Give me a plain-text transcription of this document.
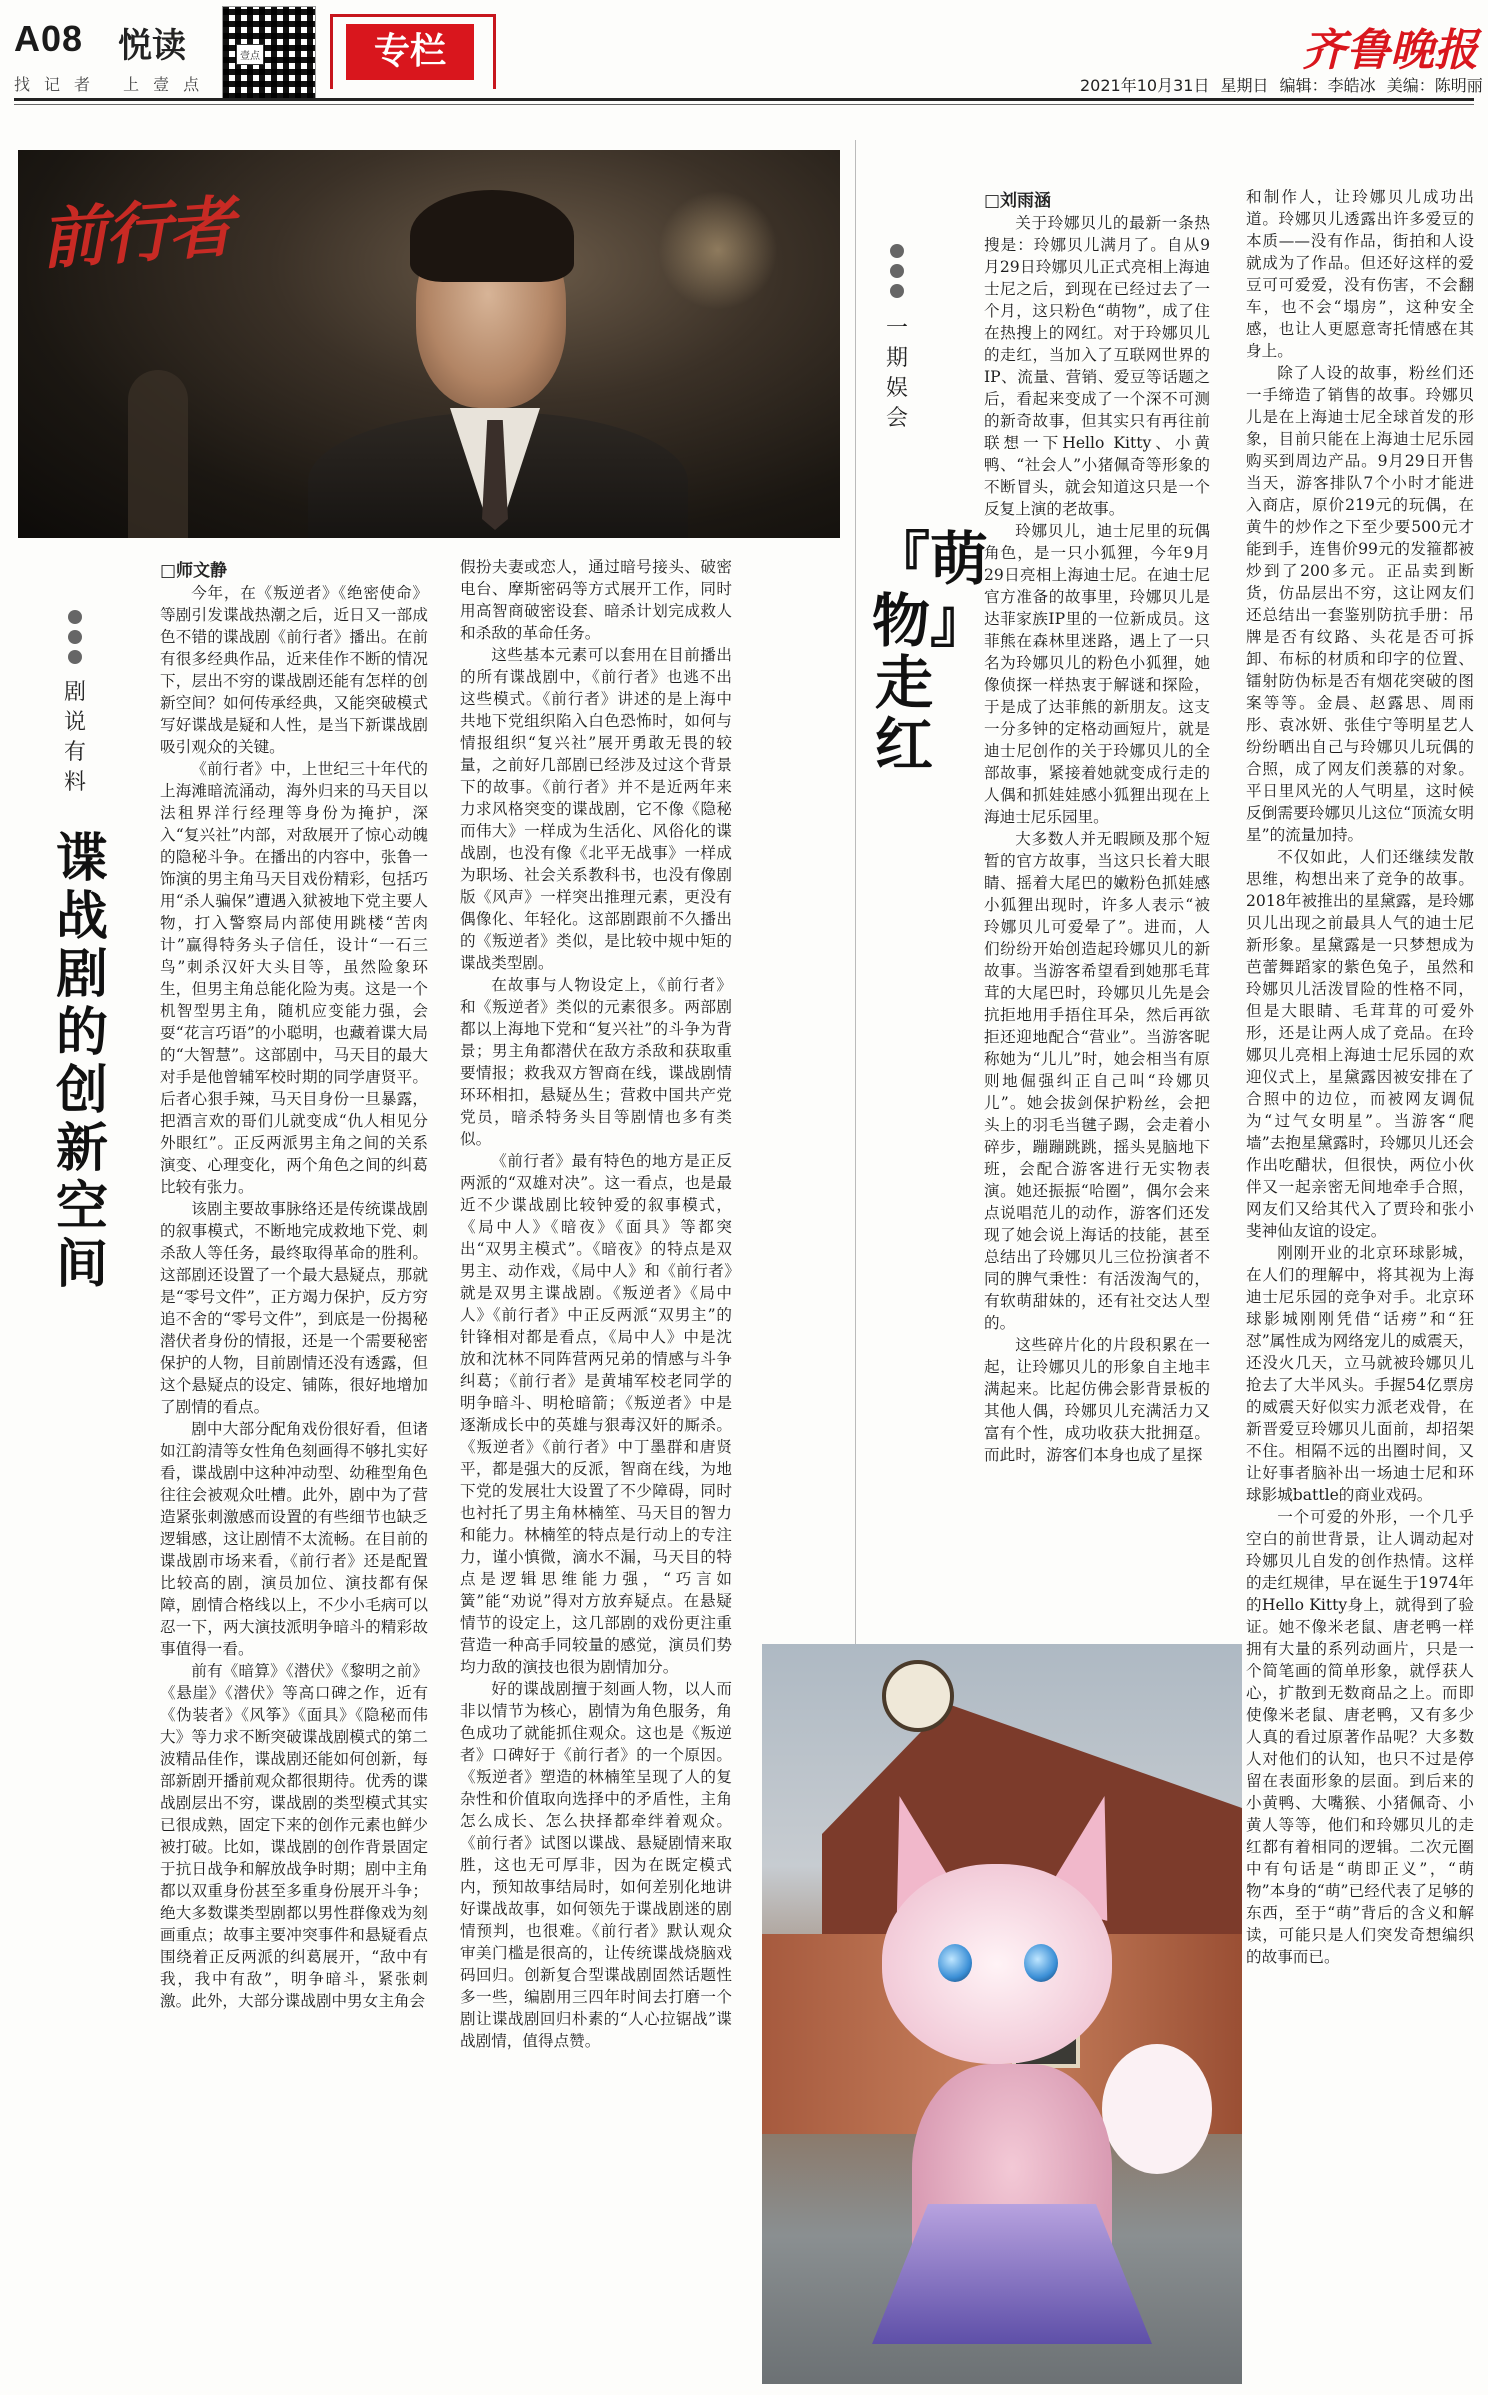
A08 悦读
找记者 上壹点
壹点	专栏	齐鲁晚报
2021年10月31日 星期日 编辑：李皓冰 美编：陈明丽
前行者
剧说有料
谍战剧的创新空间
□师文静

今年，在《叛逆者》《绝密使命》等剧引发谍战热潮之后，近日又一部成色不错的谍战剧《前行者》播出。在前有很多经典作品，近来佳作不断的情况下，层出不穷的谍战剧还能有怎样的创新空间？如何传承经典，又能突破模式写好谍战是疑和人性，是当下新谍战剧吸引观众的关键。

《前行者》中，上世纪三十年代的上海滩暗流涌动，海外归来的马天目以法租界洋行经理等身份为掩护，深入“复兴社”内部，对敌展开了惊心动魄的隐秘斗争。在播出的内容中，张鲁一饰演的男主角马天目戏份精彩，包括巧用“杀人骗保”遭遇入狱被地下党主要人物，打入警察局内部使用跳楼“苦肉计”赢得特务头子信任，设计“一石三鸟”刺杀汉奸大头目等，虽然险象环生，但男主角总能化险为夷。这是一个机智型男主角，随机应变能力强，会耍“花言巧语”的小聪明，也藏着谍大局的“大智慧”。这部剧中，马天目的最大对手是他曾辅军校时期的同学唐贤平。后者心狠手辣，马天目身份一旦暴露，把酒言欢的哥们儿就变成“仇人相见分外眼红”。正反两派男主角之间的关系演变、心理变化，两个角色之间的纠葛比较有张力。

该剧主要故事脉络还是传统谍战剧的叙事模式，不断地完成救地下党、刺杀敌人等任务，最终取得革命的胜利。这部剧还设置了一个最大悬疑点，那就是“零号文件”，正方竭力保护，反方穷追不舍的“零号文件”，到底是一份揭秘潜伏者身份的情报，还是一个需要秘密保护的人物，目前剧情还没有透露，但这个悬疑点的设定、铺陈，很好地增加了剧情的看点。

剧中大部分配角戏份很好看，但诸如江韵清等女性角色刻画得不够扎实好看，谍战剧中这种冲动型、幼稚型角色往往会被观众吐槽。此外，剧中为了营造紧张刺激感而设置的有些细节也缺乏逻辑感，这让剧情不太流畅。在目前的谍战剧市场来看，《前行者》还是配置比较高的剧，演员加位、演技都有保障，剧情合格线以上，不少小毛病可以忍一下，两大演技派明争暗斗的精彩故事值得一看。

前有《暗算》《潜伏》《黎明之前》《悬崖》《潜伏》等高口碑之作，近有《伪装者》《风筝》《面具》《隐秘而伟大》等力求不断突破谍战剧模式的第二波精品佳作，谍战剧还能如何创新，每部新剧开播前观众都很期待。优秀的谍战剧层出不穷，谍战剧的类型模式其实已很成熟，固定下来的创作元素也鲜少被打破。比如，谍战剧的创作背景固定于抗日战争和解放战争时期；剧中主角都以双重身份甚至多重身份展开斗争；绝大多数谍类型剧都以男性群像戏为刻画重点；故事主要冲突事件和悬疑看点围绕着正反两派的纠葛展开，“敌中有我，我中有敌”，明争暗斗，紧张刺激。此外，大部分谍战剧中男女主角会

假扮夫妻或恋人，通过暗号接头、破密电台、摩斯密码等方式展开工作，同时用高智商破密设套、暗杀计划完成救人和杀敌的革命任务。

这些基本元素可以套用在目前播出的所有谍战剧中，《前行者》也逃不出这些模式。《前行者》讲述的是上海中共地下党组织陷入白色恐怖时，如何与情报组织“复兴社”展开勇敢无畏的较量，之前好几部剧已经涉及过这个背景下的故事。《前行者》并不是近两年来力求风格突变的谍战剧，它不像《隐秘而伟大》一样成为生活化、风俗化的谍战剧，也没有像《北平无战事》一样成为职场、社会关系教科书，也没有像剧版《风声》一样突出推理元素，更没有偶像化、年轻化。这部剧跟前不久播出的《叛逆者》类似，是比较中规中矩的谍战类型剧。

在故事与人物设定上，《前行者》和《叛逆者》类似的元素很多。两部剧都以上海地下党和“复兴社”的斗争为背景；男主角都潜伏在敌方杀敌和获取重要情报；救我双方智商在线，谍战剧情环环相扣，悬疑丛生；营救中国共产党党员，暗杀特务头目等剧情也多有类似。

《前行者》最有特色的地方是正反两派的“双雄对决”。这一看点，也是最近不少谍战剧比较钟爱的叙事模式，《局中人》《暗夜》《面具》等都突出“双男主模式”。《暗夜》的特点是双男主、动作戏，《局中人》和《前行者》就是双男主谍战剧。《叛逆者》《局中人》《前行者》中正反两派“双男主”的针锋相对都是看点，《局中人》中是沈放和沈林不同阵营两兄弟的情感与斗争纠葛；《前行者》是黄埔军校老同学的明争暗斗、明枪暗箭；《叛逆者》中是逐渐成长中的英雄与狠毒汉奸的厮杀。《叛逆者》《前行者》中丁墨群和唐贤平，都是强大的反派，智商在线，为地下党的发展壮大设置了不少障碍，同时也衬托了男主角林楠笙、马天目的智力和能力。林楠笙的特点是行动上的专注力，谨小慎微，滴水不漏，马天目的特点是逻辑思维能力强，“巧言如簧”能“劝说”得对方放弃疑点。在悬疑情节的设定上，这几部剧的戏份更注重营造一种高手同较量的感觉，演员们势均力敌的演技也很为剧情加分。

好的谍战剧擅于刻画人物，以人而非以情节为核心，剧情为角色服务，角色成功了就能抓住观众。这也是《叛逆者》口碑好于《前行者》的一个原因。《叛逆者》塑造的林楠笙呈现了人的复杂性和价值取向选择中的矛盾性，主角怎么成长、怎么抉择都牵绊着观众。《前行者》试图以谍战、悬疑剧情来取胜，这也无可厚非，因为在既定模式内，预知故事结局时，如何差别化地讲好谍战故事，如何领先于谍战剧迷的剧情预判，也很难。《前行者》默认观众审美门槛是很高的，让传统谍战烧脑戏码回归。创新复合型谍战剧固然话题性多一些，编剧用三四年时间去打磨一个剧让谍战剧回归朴素的“人心拉锯战”谍战剧情，值得点赞。

一期娱会
『萌物』走红
□刘雨涵

关于玲娜贝儿的最新一条热搜是：玲娜贝儿满月了。自从9月29日玲娜贝儿正式亮相上海迪士尼之后，到现在已经过去了一个月，这只粉色“萌物”，成了住在热搜上的网红。对于玲娜贝儿的走红，当加入了互联网世界的IP、流量、营销、爱豆等话题之后，看起来变成了一个深不可测的新奇故事，但其实只有再往前联想一下Hello Kitty、小黄鸭、“社会人”小猪佩奇等形象的不断冒头，就会知道这只是一个反复上演的老故事。

玲娜贝儿，迪士尼里的玩偶角色，是一只小狐狸，今年9月29日亮相上海迪士尼。在迪士尼官方准备的故事里，玲娜贝儿是达菲家族IP里的一位新成员。这菲熊在森林里迷路，遇上了一只名为玲娜贝儿的粉色小狐狸，她像侦探一样热衷于解谜和探险，于是成了达菲熊的新朋友。这支一分多钟的定格动画短片，就是迪士尼创作的关于玲娜贝儿的全部故事，紧接着她就变成行走的人偶和抓娃娃感小狐狸出现在上海迪士尼乐园里。

大多数人并无暇顾及那个短暂的官方故事，当这只长着大眼睛、摇着大尾巴的嫩粉色抓娃感小狐狸出现时，许多人表示“被玲娜贝儿可爱晕了”。进而，人们纷纷开始创造起玲娜贝儿的新故事。当游客希望看到她那毛茸茸的大尾巴时，玲娜贝儿先是会抗拒地用手捂住耳朵，然后再欲拒还迎地配合“营业”。当游客昵称她为“儿儿”时，她会相当有原则地倔强纠正自己叫“玲娜贝儿”。她会拔剑保护粉丝，会把头上的羽毛当毽子踢，会走着小碎步，蹦蹦跳跳，摇头晃脑地下班，会配合游客进行无实物表演。她还振振“哈圈”，偶尔会来点说唱范儿的动作，游客们还发现了她会说上海话的技能，甚至总结出了玲娜贝儿三位扮演者不同的脾气秉性：有活泼淘气的，有软萌甜妹的，还有社交达人型的。

这些碎片化的片段积累在一起，让玲娜贝儿的形象自主地丰满起来。比起仿佛会影背景板的其他人偶，玲娜贝儿充满活力又富有个性，成功收获大批拥趸。而此时，游客们本身也成了星探

和制作人，让玲娜贝儿成功出道。玲娜贝儿透露出许多爱豆的本质——没有作品，街拍和人设就成为了作品。但还好这样的爱豆可可爱爱，没有伤害，不会翻车，也不会“塌房”，这种安全感，也让人更愿意寄托情感在其身上。

除了人设的故事，粉丝们还一手缔造了销售的故事。玲娜贝儿是在上海迪士尼全球首发的形象，目前只能在上海迪士尼乐园购买到周边产品。9月29日开售当天，游客排队7个小时才能进入商店，原价219元的玩偶，在黄牛的炒作之下至少要500元才能到手，连售价99元的发箍都被炒到了200多元。正品卖到断货，仿品层出不穷，这让网友们还总结出一套鉴别防抗手册：吊牌是否有纹路、头花是否可拆卸、布标的材质和印字的位置、镭射防伪标是否有烟花突破的图案等等。金晨、赵露思、周雨彤、袁冰妍、张佳宁等明星艺人纷纷晒出自己与玲娜贝儿玩偶的合照，成了网友们羡慕的对象。平日里风光的人气明星，这时候反倒需要玲娜贝儿这位“顶流女明星”的流量加持。

不仅如此，人们还继续发散思维，构想出来了竞争的故事。2018年被推出的星黛露，是玲娜贝儿出现之前最具人气的迪士尼新形象。星黛露是一只梦想成为芭蕾舞蹈家的紫色兔子，虽然和玲娜贝儿活泼冒险的性格不同，但是大眼睛、毛茸茸的可爱外形，还是让两人成了竞品。在玲娜贝儿亮相上海迪士尼乐园的欢迎仪式上，星黛露因被安排在了合照中的边位，而被网友调侃为“过气女明星”。当游客“爬墙”去抱星黛露时，玲娜贝儿还会作出吃醋状，但很快，两位小伙伴又一起亲密无间地牵手合照，网友们又给其代入了贾玲和张小斐神仙友谊的设定。

刚刚开业的北京环球影城，在人们的理解中，将其视为上海迪士尼乐园的竞争对手。北京环球影城刚刚凭借“话痨”和“狂怼”属性成为网络宠儿的威震天，还没火几天，立马就被玲娜贝儿抢去了大半风头。手握54亿票房的威震天好似实力派老戏骨，在新晋爱豆玲娜贝儿面前，却招架不住。相隔不远的出圈时间，又让好事者脑补出一场迪士尼和环球影城battle的商业戏码。

一个可爱的外形，一个几乎空白的前世背景，让人调动起对玲娜贝儿自发的创作热情。这样的走红规律，早在诞生于1974年的Hello Kitty身上，就得到了验证。她不像米老鼠、唐老鸭一样拥有大量的系列动画片，只是一个简笔画的简单形象，就俘获人心，扩散到无数商品之上。而即使像米老鼠、唐老鸭，又有多少人真的看过原著作品呢？大多数人对他们的认知，也只不过是停留在表面形象的层面。到后来的小黄鸭、大嘴猴、小猪佩奇、小黄人等等，他们和玲娜贝儿的走红都有着相同的逻辑。二次元圈中有句话是“萌即正义”，“萌物”本身的“萌”已经代表了足够的东西，至于“萌”背后的含义和解读，可能只是人们突发奇想编织的故事而已。
